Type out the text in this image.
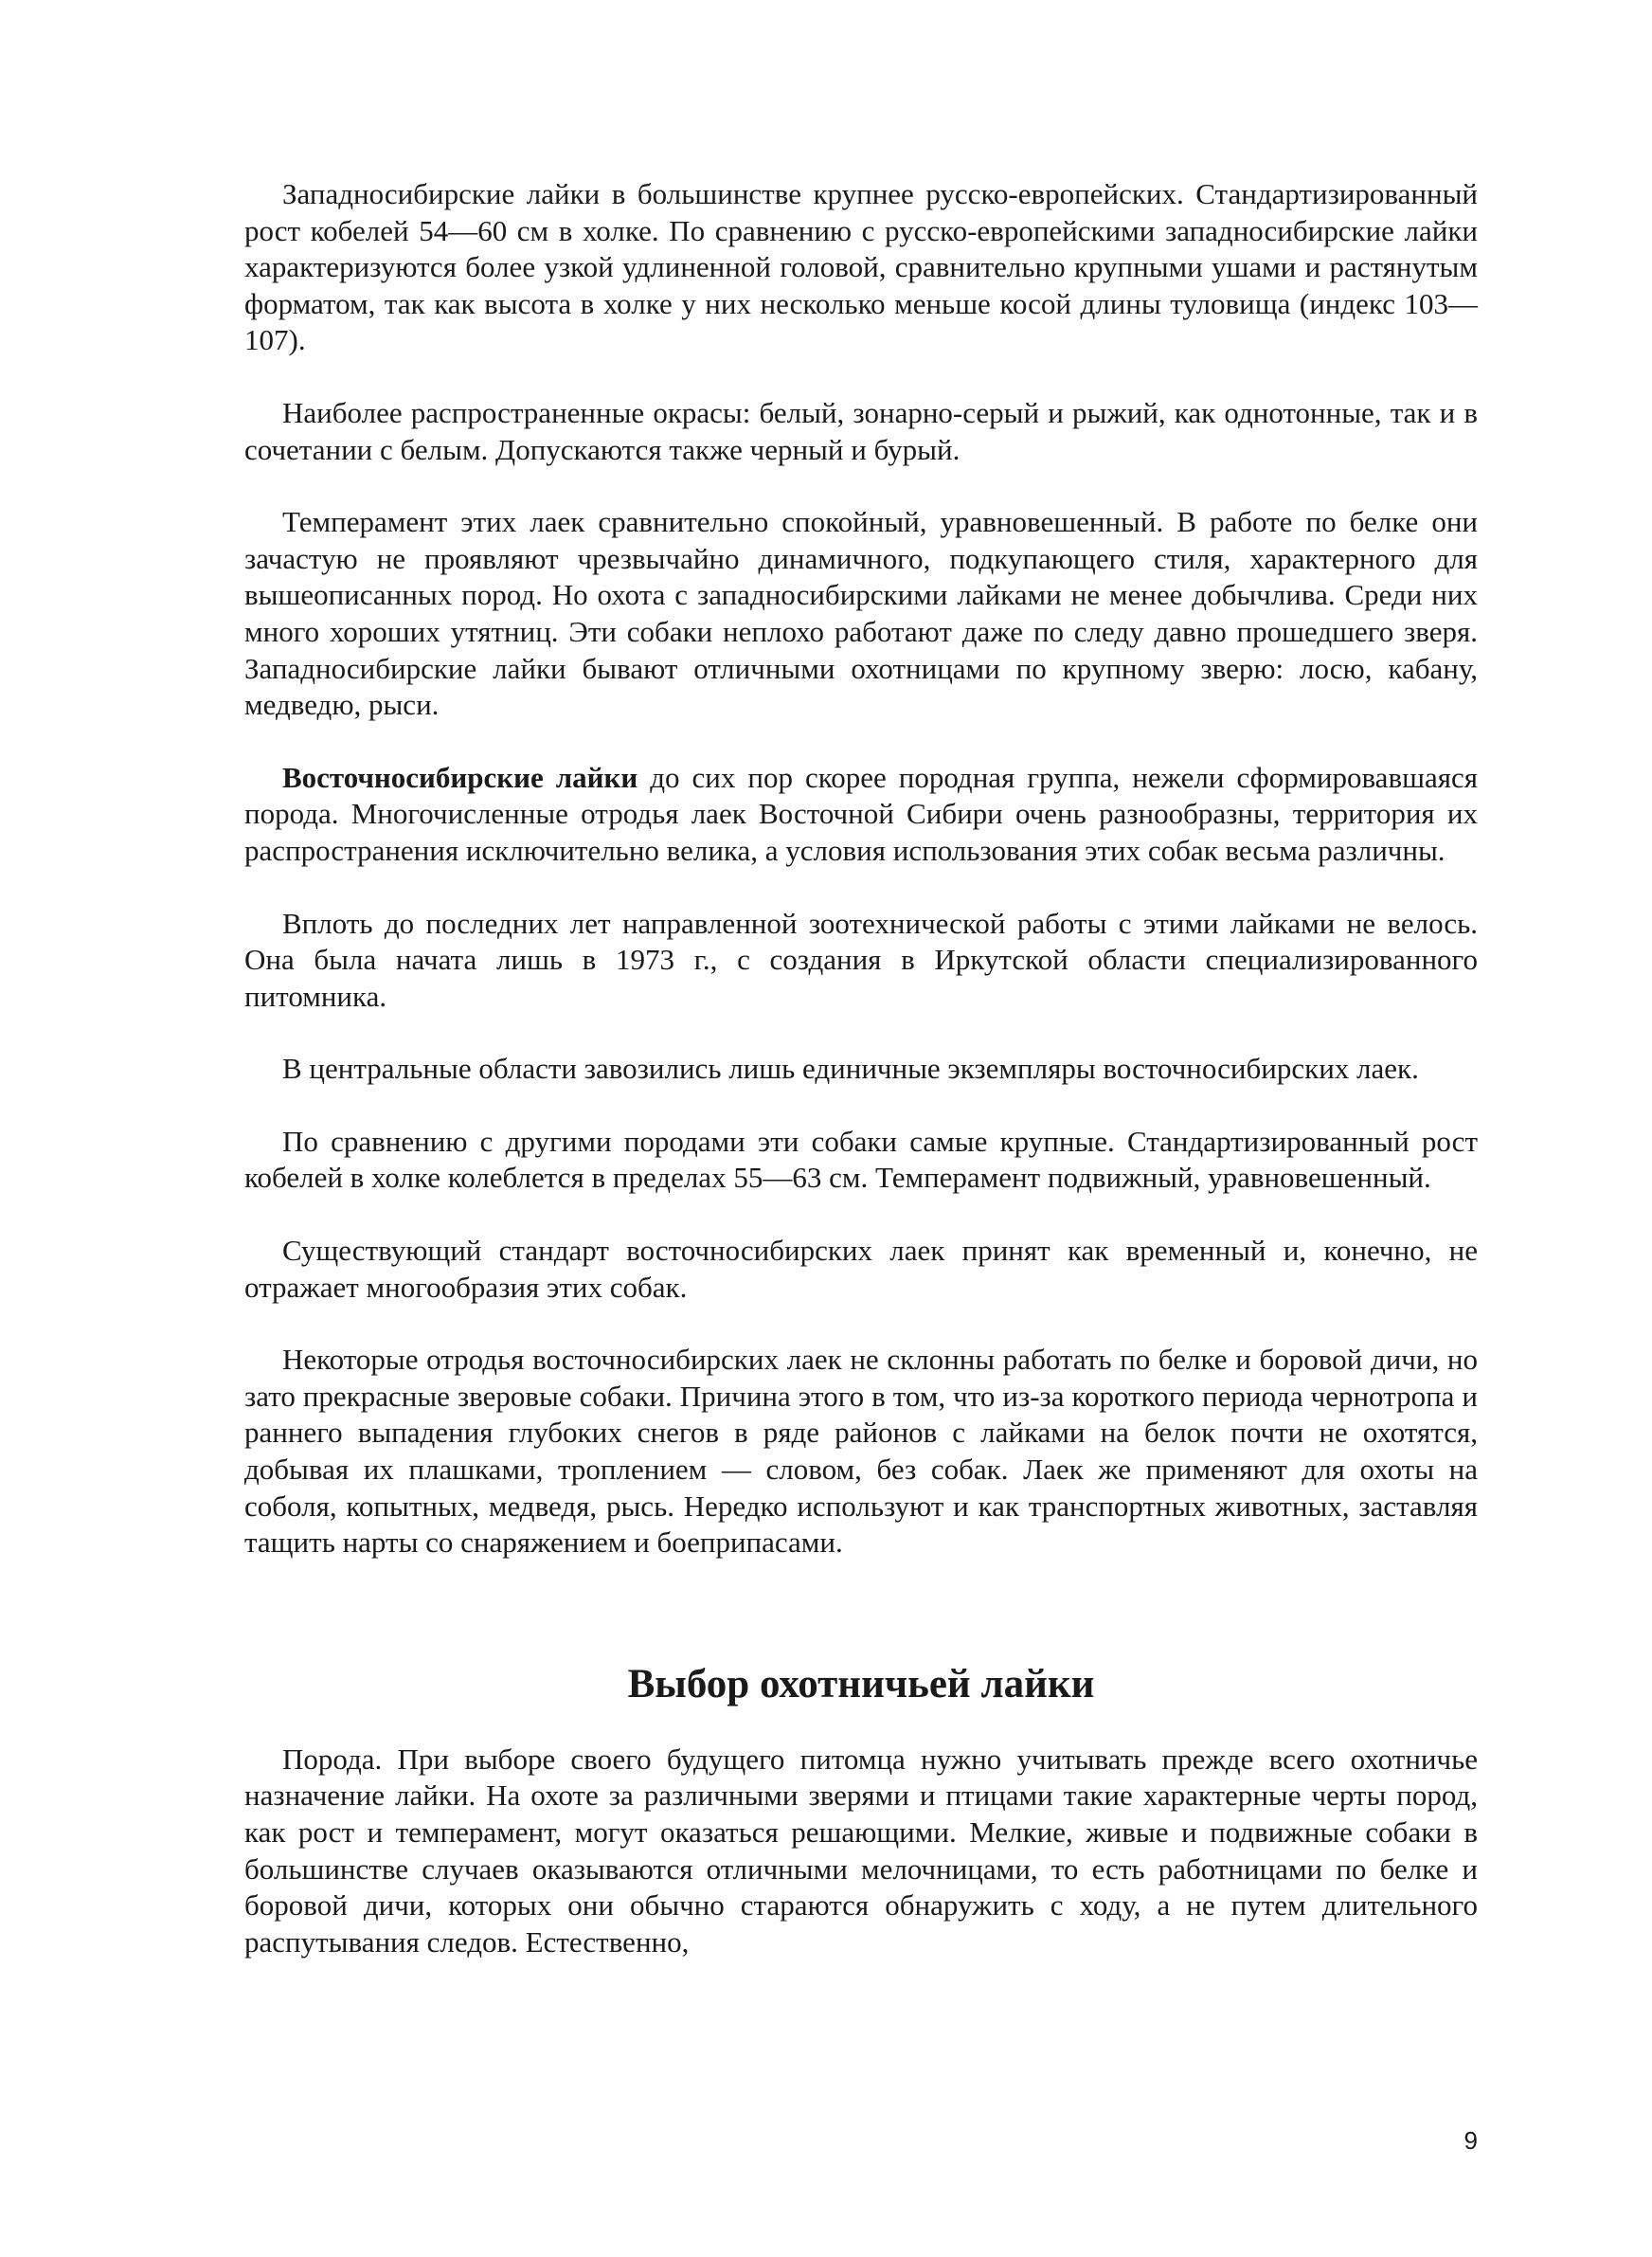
Западносибирские лайки в большинстве крупнее русско-европейских. Стандартизированный рост кобелей 54—60 см в холке. По сравнению с русско-европейскими западносибирские лайки характеризуются более узкой удлиненной головой, сравнительно крупными ушами и растянутым форматом, так как высота в холке у них несколько меньше косой длины туловища (индекс 103—107).

Наиболее распространенные окрасы: белый, зонарно-серый и рыжий, как однотонные, так и в сочетании с белым. Допускаются также черный и бурый.

Темперамент этих лаек сравнительно спокойный, уравновешенный. В работе по белке они зачастую не проявляют чрезвычайно динамичного, подкупающего стиля, характерного для вышеописанных пород. Но охота с западносибирскими лайками не менее добычлива. Среди них много хороших утятниц. Эти собаки неплохо работают даже по следу давно прошедшего зверя. Западносибирские лайки бывают отличными охотницами по крупному зверю: лосю, кабану, медведю, рыси.

Восточносибирские лайки до сих пор скорее породная группа, нежели сформировавшаяся порода. Многочисленные отродья лаек Восточной Сибири очень разнообразны, территория их распространения исключительно велика, а условия использования этих собак весьма различны.

Вплоть до последних лет направленной зоотехнической работы с этими лайками не велось. Она была начата лишь в 1973 г., с создания в Иркутской области специализированного питомника.

В центральные области завозились лишь единичные экземпляры восточносибирских лаек.

По сравнению с другими породами эти собаки самые крупные. Стандартизированный рост кобелей в холке колеблется в пределах 55—63 см. Темперамент подвижный, уравновешенный.

Существующий стандарт восточносибирских лаек принят как временный и, конечно, не отражает многообразия этих собак.

Некоторые отродья восточносибирских лаек не склонны работать по белке и боровой дичи, но зато прекрасные зверовые собаки. Причина этого в том, что из-за короткого периода чернотропа и раннего выпадения глубоких снегов в ряде районов с лайками на белок почти не охотятся, добывая их плашками, троплением — словом, без собак. Лаек же применяют для охоты на соболя, копытных, медведя, рысь. Нередко используют и как транспортных животных, заставляя тащить нарты со снаряжением и боеприпасами.

Выбор охотничьей лайки

Порода. При выборе своего будущего питомца нужно учитывать прежде всего охотничье назначение лайки. На охоте за различными зверями и птицами такие характерные черты пород, как рост и темперамент, могут оказаться решающими. Мелкие, живые и подвижные собаки в большинстве случаев оказываются отличными мелочницами, то есть работницами по белке и боровой дичи, которых они обычно стараются обнаружить с ходу, а не путем длительного распутывания следов. Естественно,

9
